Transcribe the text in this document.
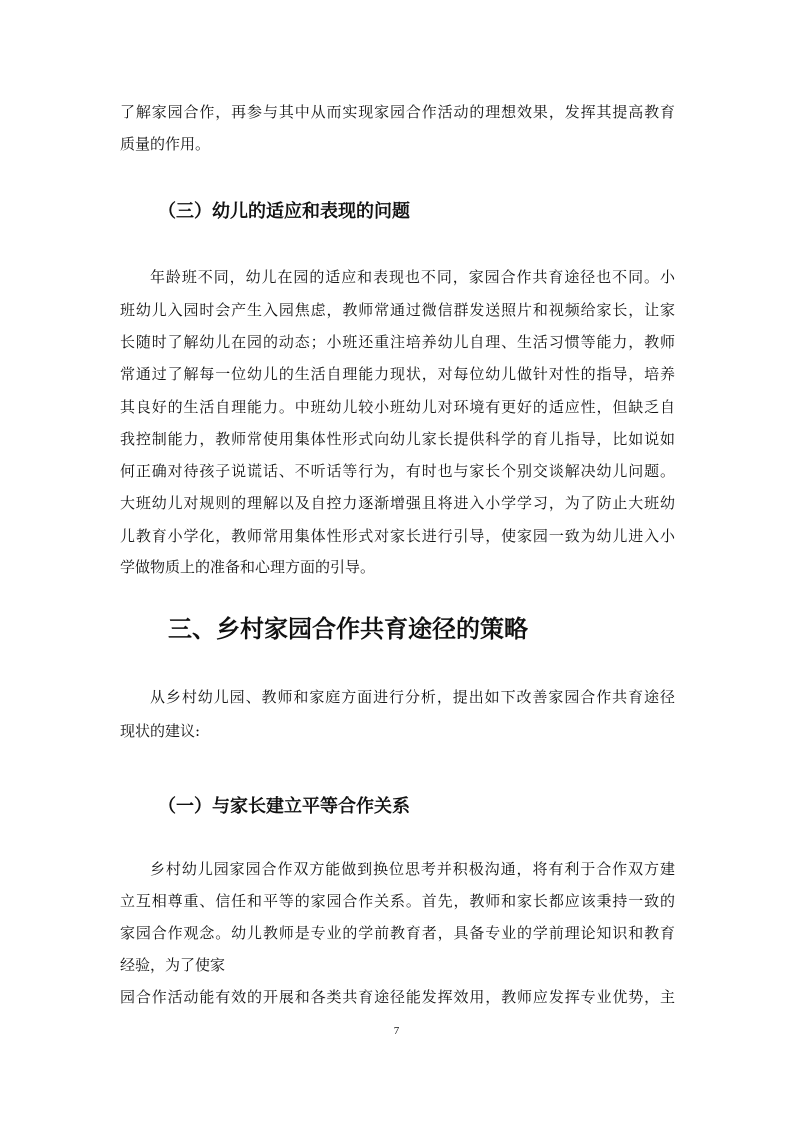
了解家园合作，再参与其中从而实现家园合作活动的理想效果，发挥其提高教育
质量的作用。
（三）幼儿的适应和表现的问题
年龄班不同，幼儿在园的适应和表现也不同，家园合作共育途径也不同。小
班幼儿入园时会产生入园焦虑，教师常通过微信群发送照片和视频给家长，让家
长随时了解幼儿在园的动态；小班还重注培养幼儿自理、生活习惯等能力，教师
常通过了解每一位幼儿的生活自理能力现状，对每位幼儿做针对性的指导，培养
其良好的生活自理能力。中班幼儿较小班幼儿对环境有更好的适应性，但缺乏自
我控制能力，教师常使用集体性形式向幼儿家长提供科学的育儿指导，比如说如
何正确对待孩子说谎话、不听话等行为，有时也与家长个别交谈解决幼儿问题。
大班幼儿对规则的理解以及自控力逐渐增强且将进入小学学习，为了防止大班幼
儿教育小学化，教师常用集体性形式对家长进行引导，使家园一致为幼儿进入小
学做物质上的准备和心理方面的引导。
三、乡村家园合作共育途径的策略
从乡村幼儿园、教师和家庭方面进行分析，提出如下改善家园合作共育途径
现状的建议:
（一）与家长建立平等合作关系
乡村幼儿园家园合作双方能做到换位思考并积极沟通，将有利于合作双方建
立互相尊重、信任和平等的家园合作关系。首先，教师和家长都应该秉持一致的
家园合作观念。幼儿教师是专业的学前教育者，具备专业的学前理论知识和教育
经验，为了使家
园合作活动能有效的开展和各类共育途径能发挥效用，教师应发挥专业优势，主
7
